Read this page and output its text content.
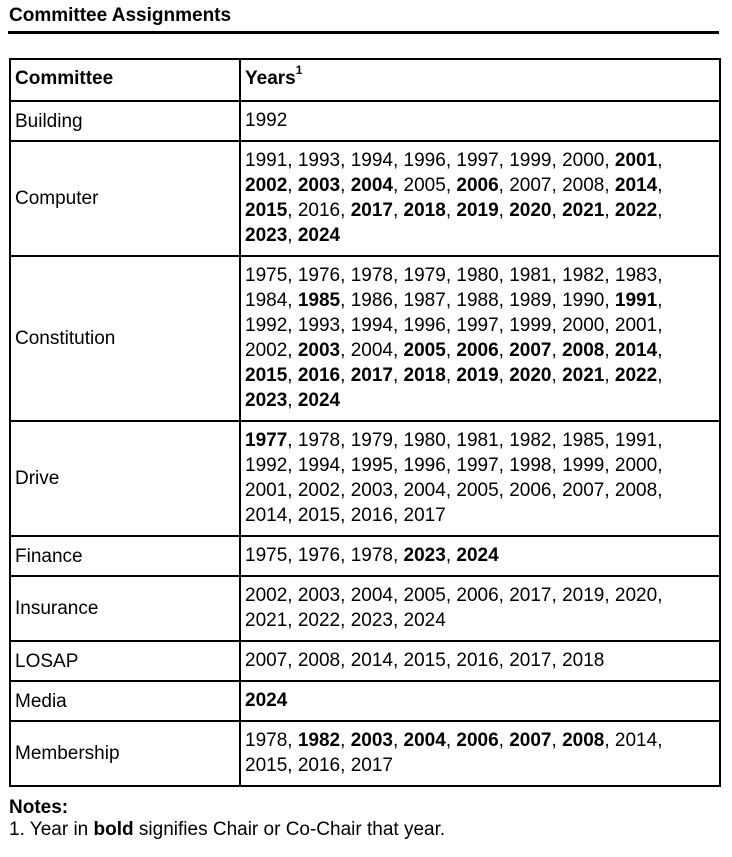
Committee Assignments
Committee	Years$^1$
Building	1992
Computer	1991, 1993, 1994, 1996, 1997, 1999, 2000, 2001, 2002, 2003, 2004, 2005, 2006, 2007, 2008, 2014, 2015, 2016, 2017, 2018, 2019, 2020, 2021, 2022, 2023, 2024
Constitution	1975, 1976, 1978, 1979, 1980, 1981, 1982, 1983, 1984, 1985, 1986, 1987, 1988, 1989, 1990, 1991, 1992, 1993, 1994, 1996, 1997, 1999, 2000, 2001, 2002, 2003, 2004, 2005, 2006, 2007, 2008, 2014, 2015, 2016, 2017, 2018, 2019, 2020, 2021, 2022, 2023, 2024
Drive	1977, 1978, 1979, 1980, 1981, 1982, 1985, 1991, 1992, 1994, 1995, 1996, 1997, 1998, 1999, 2000, 2001, 2002, 2003, 2004, 2005, 2006, 2007, 2008, 2014, 2015, 2016, 2017
Finance	1975, 1976, 1978, 2023, 2024
Insurance	2002, 2003, 2004, 2005, 2006, 2017, 2019, 2020, 2021, 2022, 2023, 2024
LOSAP	2007, 2008, 2014, 2015, 2016, 2017, 2018
Media	2024
Membership	1978, 1982, 2003, 2004, 2006, 2007, 2008, 2014, 2015, 2016, 2017
Notes:
1. Year in bold signifies Chair or Co-Chair that year.
